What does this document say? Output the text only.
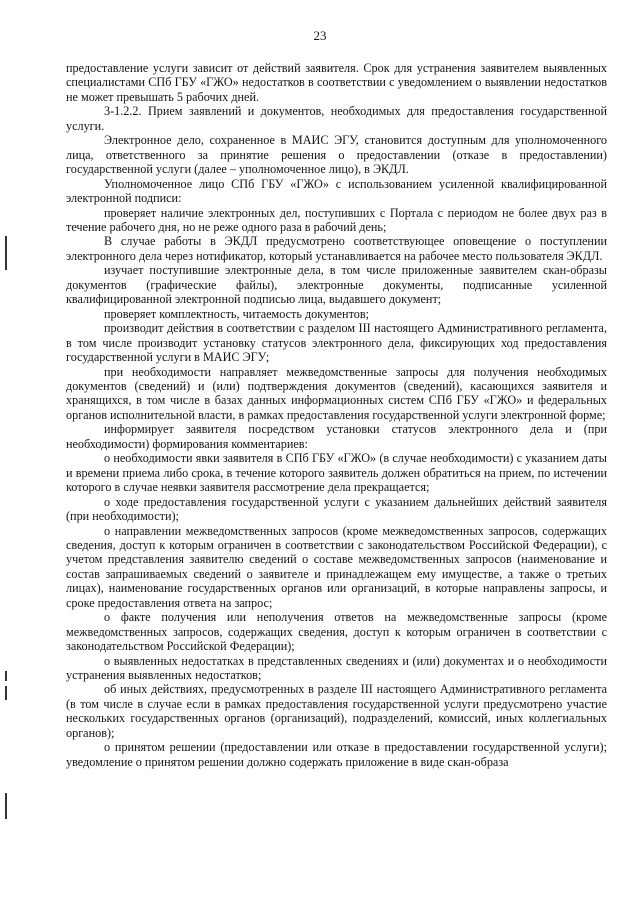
23

предоставление услуги зависит от действий заявителя. Срок для устранения заявителем выявленных специалистами СПб ГБУ «ГЖО» недостатков в соответствии с уведомлением о выявлении недостатков не может превышать 5 рабочих дней.

3-1.2.2. Прием заявлений и документов, необходимых для предоставления государственной услуги.

Электронное дело, сохраненное в МАИС ЭГУ, становится доступным для уполномоченного лица, ответственного за принятие решения о предоставлении (отказе в предоставлении) государственной услуги (далее – уполномоченное лицо), в ЭКДЛ.

Уполномоченное лицо СПб ГБУ «ГЖО» с использованием усиленной квалифицированной электронной подписи:

проверяет наличие электронных дел, поступивших с Портала с периодом не более двух раз в течение рабочего дня, но не реже одного раза в рабочий день;

В случае работы в ЭКДЛ предусмотрено соответствующее оповещение о поступлении электронного дела через нотификатор, который устанавливается на рабочее место пользователя ЭКДЛ.

изучает поступившие электронные дела, в том числе приложенные заявителем скан-образы документов (графические файлы), электронные документы, подписанные усиленной квалифицированной электронной подписью лица, выдавшего документ;

проверяет комплектность, читаемость документов;

производит действия в соответствии с разделом III настоящего Административного регламента, в том числе производит установку статусов электронного дела, фиксирующих ход предоставления государственной услуги в МАИС ЭГУ;

при необходимости направляет межведомственные запросы для получения необходимых документов (сведений) и (или) подтверждения документов (сведений), касающихся заявителя и хранящихся, в том числе в базах данных информационных систем СПб ГБУ «ГЖО» и федеральных органов исполнительной власти, в рамках предоставления государственной услуги электронной форме;

информирует заявителя посредством установки статусов электронного дела и (при необходимости) формирования комментариев:

о необходимости явки заявителя в СПб ГБУ «ГЖО» (в случае необходимости) с указанием даты и времени приема либо срока, в течение которого заявитель должен обратиться на прием, по истечении которого в случае неявки заявителя рассмотрение дела прекращается;

о ходе предоставления государственной услуги с указанием дальнейших действий заявителя (при необходимости);

о направлении межведомственных запросов (кроме межведомственных запросов, содержащих сведения, доступ к которым ограничен в соответствии с законодательством Российской Федерации), с учетом представления заявителю сведений о составе межведомственных запросов (наименование и состав запрашиваемых сведений о заявителе и принадлежащем ему имуществе, а также о третьих лицах), наименование государственных органов или организаций, в которые направлены запросы, и сроке предоставления ответа на запрос;

о факте получения или неполучения ответов на межведомственные запросы (кроме межведомственных запросов, содержащих сведения, доступ к которым ограничен в соответствии с законодательством Российской Федерации);

о выявленных недостатках в представленных сведениях и (или) документах и о необходимости устранения выявленных недостатков;

об иных действиях, предусмотренных в разделе III настоящего Административного регламента (в том числе в случае если в рамках предоставления государственной услуги предусмотрено участие нескольких государственных органов (организаций), подразделений, комиссий, иных коллегиальных органов);

о принятом решении (предоставлении или отказе в предоставлении государственной услуги); уведомление о принятом решении должно содержать приложение в виде скан-образа
